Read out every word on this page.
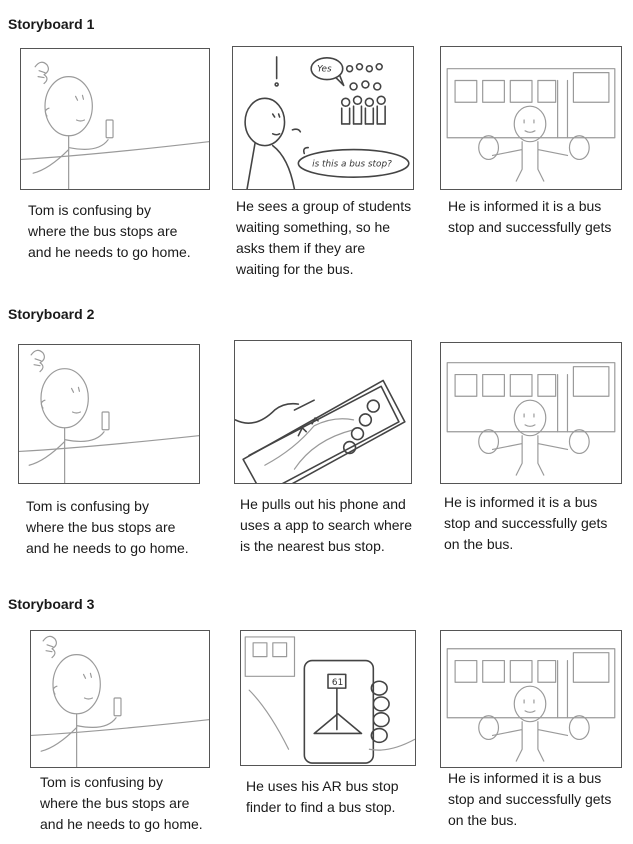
Storyboard 1
Tom is confusing by
where the bus stops are
and he needs to go home.
Yes
is this a bus stop?
He sees a group of students
waiting something, so he
asks them if they are
waiting for the bus.
He is informed it is a bus
stop and successfully gets
Storyboard 2
Tom is confusing by
where the bus stops are
and he needs to go home.
He pulls out his phone and
uses a app to search where
is the nearest bus stop.
He is informed it is a bus
stop and successfully gets
on the bus.
Storyboard 3
Tom is confusing by
where the bus stops are
and he needs to go home.
61
He uses his AR bus stop
finder to find a bus stop.
He is informed it is a bus
stop and successfully gets
on the bus.
